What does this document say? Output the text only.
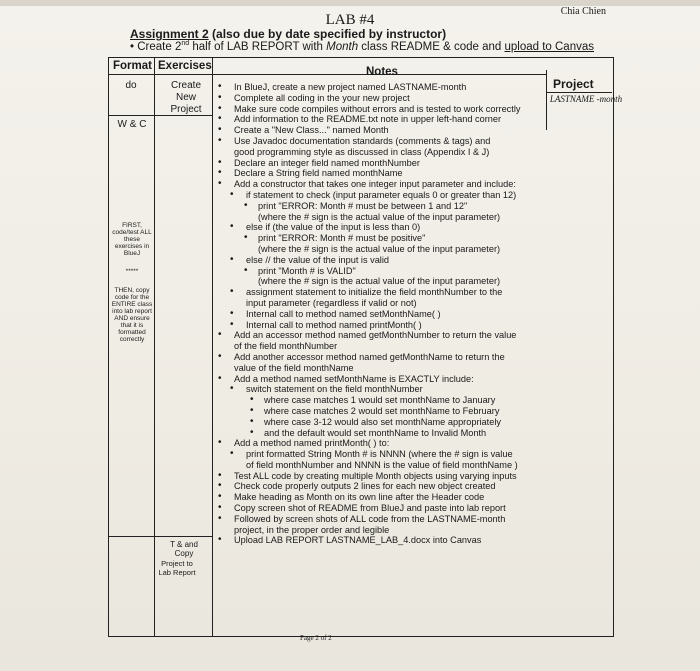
Chia Chien
LAB #4
Assignment 2 (also due by date specified by instructor)
• Create 2nd half of LAB REPORT with Month class README & code and upload to Canvas
Format Exercises	Notes
Project
LASTNAME -month
do	Create New Project
W & C
FIRST, code/test ALL these exercises in BlueJ
*****
THEN, copy code for the ENTIRE class into lab report AND ensure that it is formatted correctly
T & and Copy
Project to Lab Report
• In BlueJ, create a new project named LASTNAME-month
• Complete all coding in the your new project
• Make sure code compiles without errors and is tested to work correctly
• Add information to the README.txt note in upper left-hand corner
• Create a "New Class..." named Month
• Use Javadoc documentation standards (comments & tags) and
good programming style as discussed in class (Appendix I & J)
• Declare an integer field named monthNumber
• Declare a String field named monthName
• Add a constructor that takes one integer input parameter and include:
• if statement to check (input parameter equals 0 or greater than 12)
• print "ERROR: Month # must be between 1 and 12"
(where the # sign is the actual value of the input parameter)
• else if (the value of the input is less than 0)
• print "ERROR: Month # must be positive"
(where the # sign is the actual value of the input parameter)
• else // the value of the input is valid
• print "Month # is VALID"
(where the # sign is the actual value of the input parameter)
• assignment statement to initialize the field monthNumber to the
input parameter (regardless if valid or not)
• Internal call to method named setMonthName( )
• Internal call to method named printMonth( )
• Add an accessor method named getMonthNumber to return the value
of the field monthNumber
• Add another accessor method named getMonthName to return the
value of the field monthName
• Add a method named setMonthName is EXACTLY include:
• switch statement on the field monthNumber
• where case matches 1 would set monthName to January
• where case matches 2 would set monthName to February
• where case 3-12 would also set monthName appropriately
• and the default would set monthName to Invalid Month
• Add a method named printMonth( ) to:
• print formatted String Month # is NNNN (where the # sign is value
of field monthNumber and NNNN is the value of field monthName )
• Test ALL code by creating multiple Month objects using varying inputs
• Check code properly outputs 2 lines for each new object created
• Make heading as Month on its own line after the Header code
• Copy screen shot of README from BlueJ and paste into lab report
• Followed by screen shots of ALL code from the LASTNAME-month
project, in the proper order and legible
• Upload LAB REPORT LASTNAME_LAB_4.docx into Canvas
Page 2 of 2
